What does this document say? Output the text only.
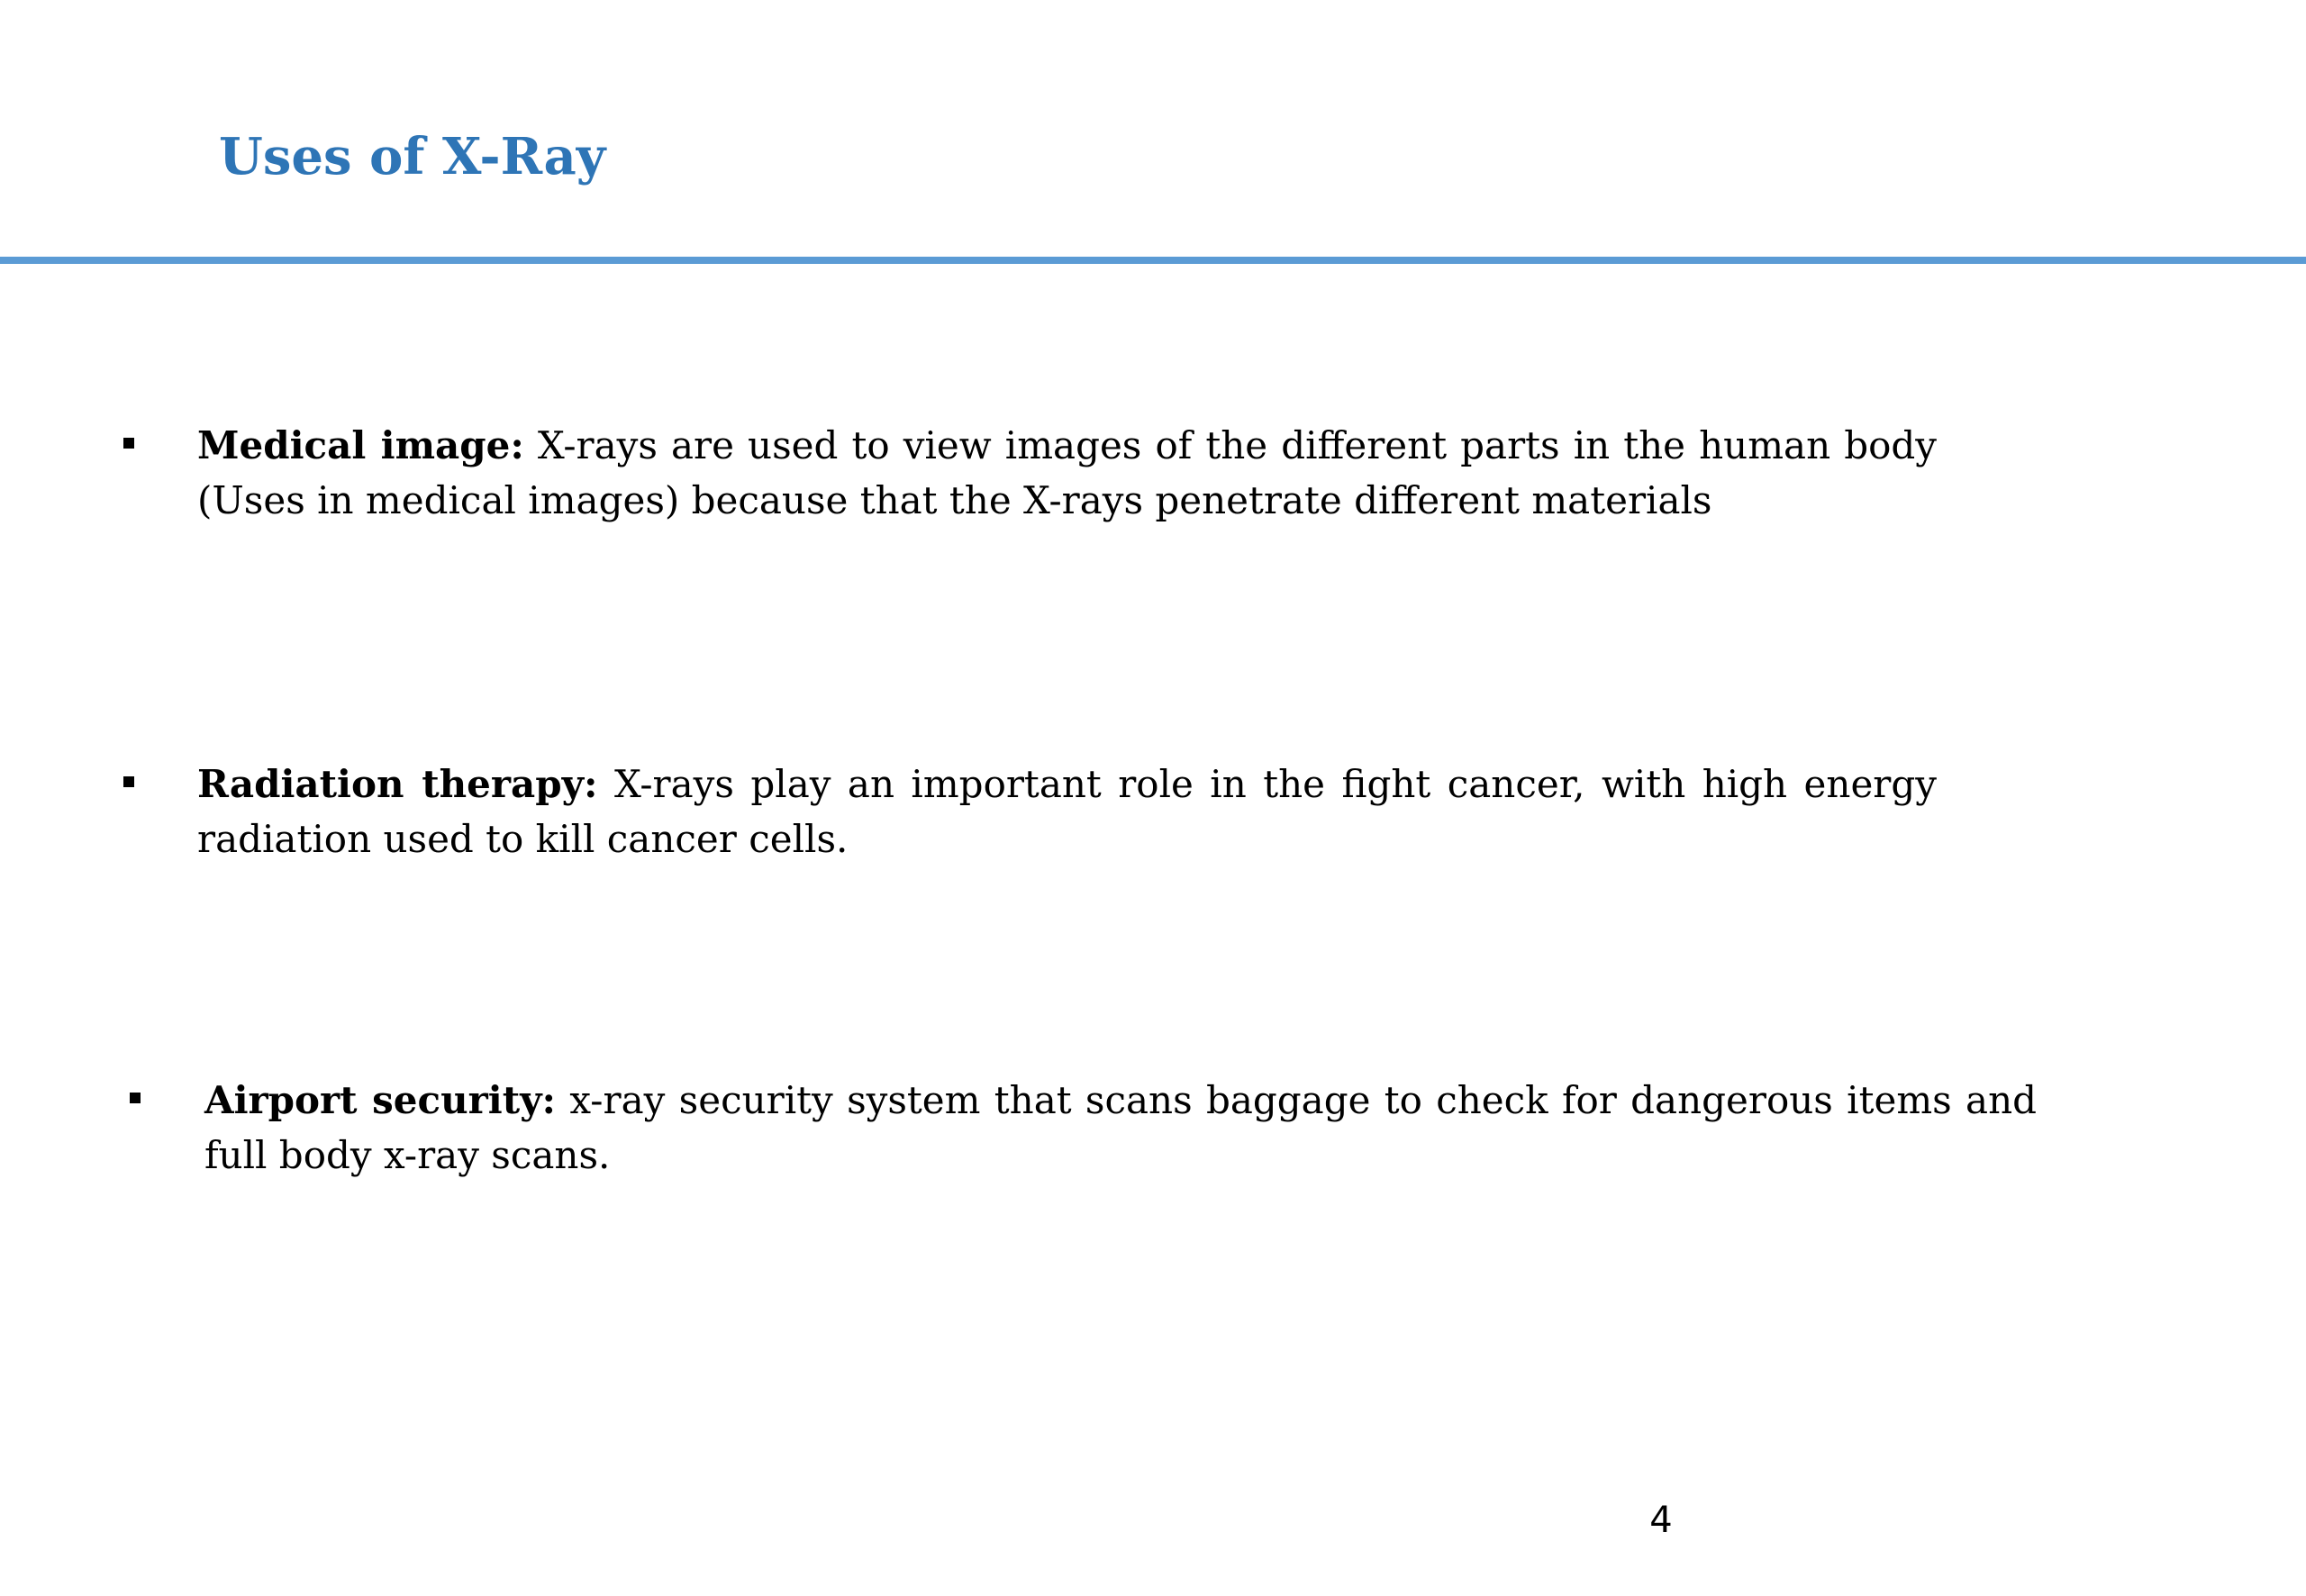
Uses of X-Ray

Medical image: X-rays are used to view images of the different parts in the human body (Uses in medical images) because that the X-rays penetrate different materials

Radiation therapy: X-rays play an important role in the fight cancer, with high energy radiation used to kill cancer cells.

Airport security: x-ray security system that scans baggage to check for dangerous items and full body x-ray scans.

4
